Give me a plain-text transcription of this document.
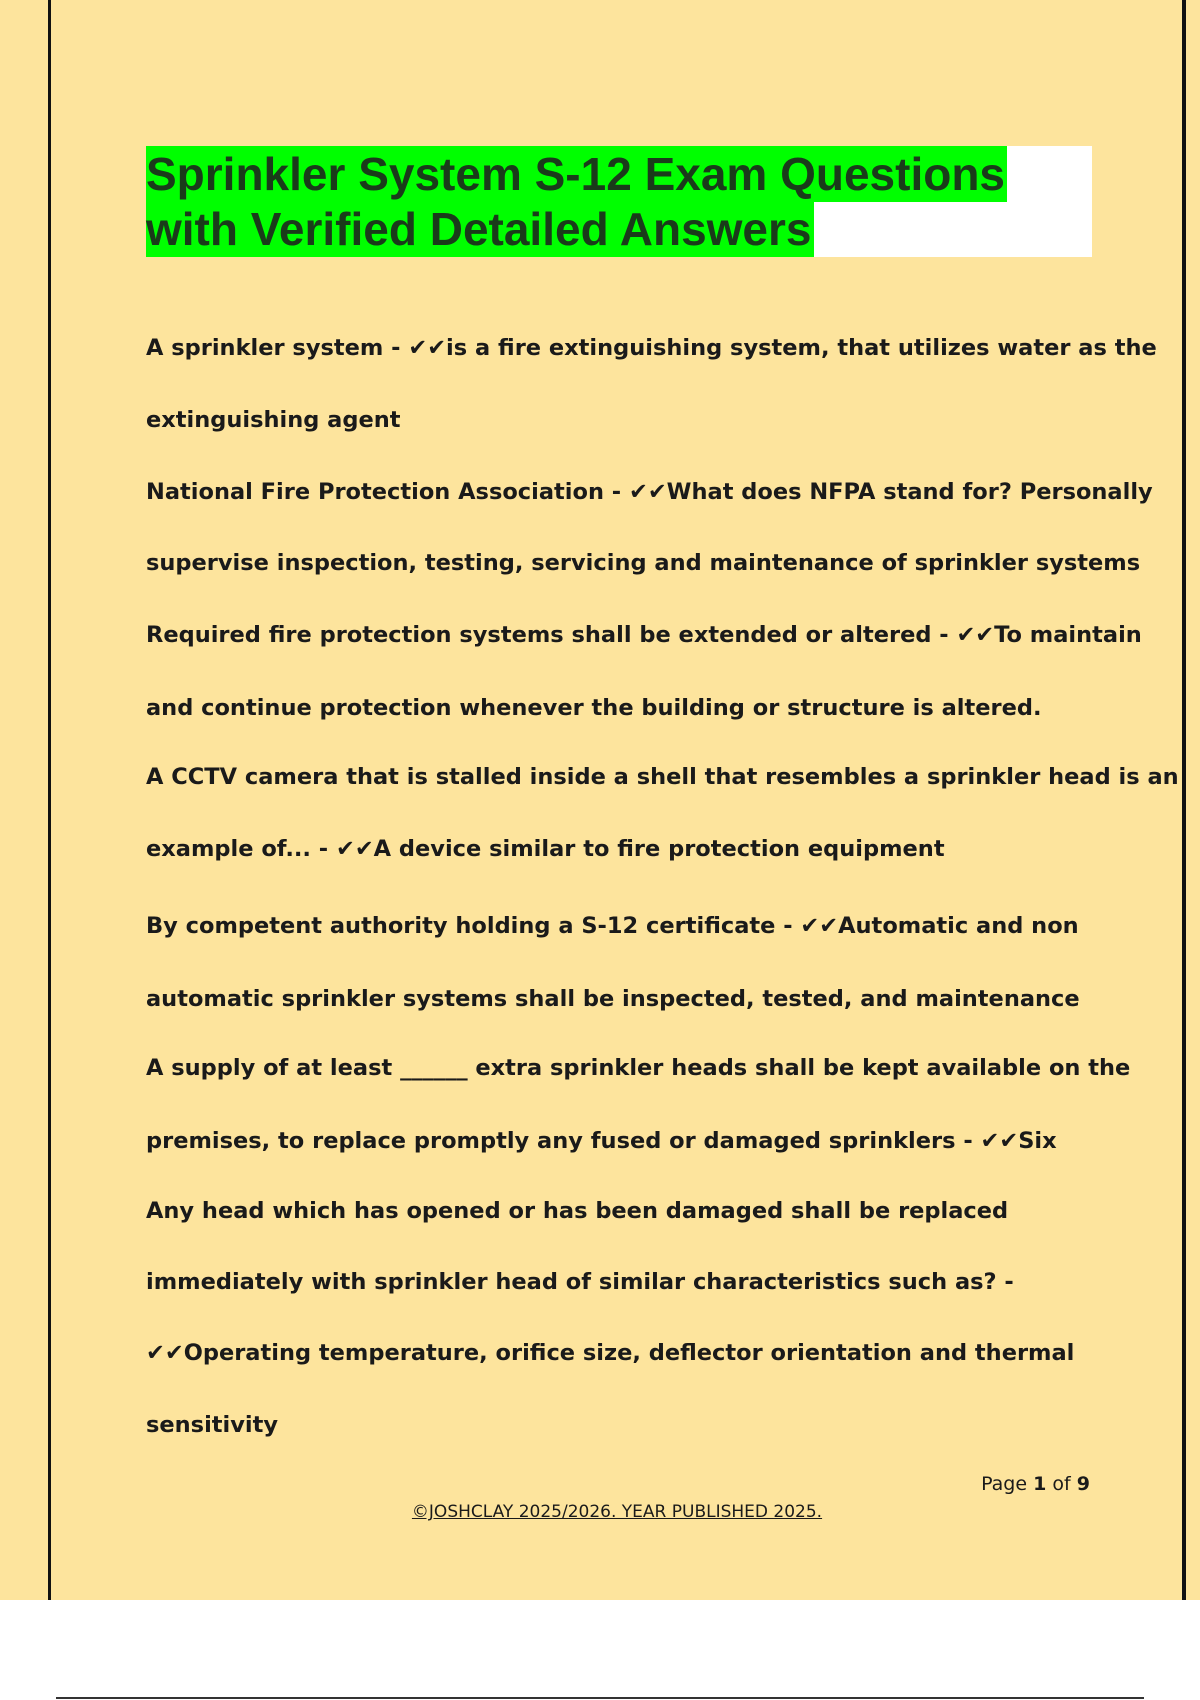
Sprinkler System S-12 Exam Questions
with Verified Detailed Answers

A sprinkler system - ✔✔is a fire extinguishing system, that utilizes water as the

extinguishing agent

National Fire Protection Association - ✔✔What does NFPA stand for? Personally

supervise inspection, testing, servicing and maintenance of sprinkler systems

Required fire protection systems shall be extended or altered - ✔✔To maintain

and continue protection whenever the building or structure is altered.

A CCTV camera that is stalled inside a shell that resembles a sprinkler head is an

example of... - ✔✔A device similar to fire protection equipment

By competent authority holding a S-12 certificate - ✔✔Automatic and non

automatic sprinkler systems shall be inspected, tested, and maintenance

A supply of at least ______ extra sprinkler heads shall be kept available on the

premises, to replace promptly any fused or damaged sprinklers - ✔✔Six

Any head which has opened or has been damaged shall be replaced

immediately with sprinkler head of similar characteristics such as? -

✔✔Operating temperature, orifice size, deflector orientation and thermal

sensitivity

Page 1 of 9

©JOSHCLAY 2025/2026. YEAR PUBLISHED 2025.
